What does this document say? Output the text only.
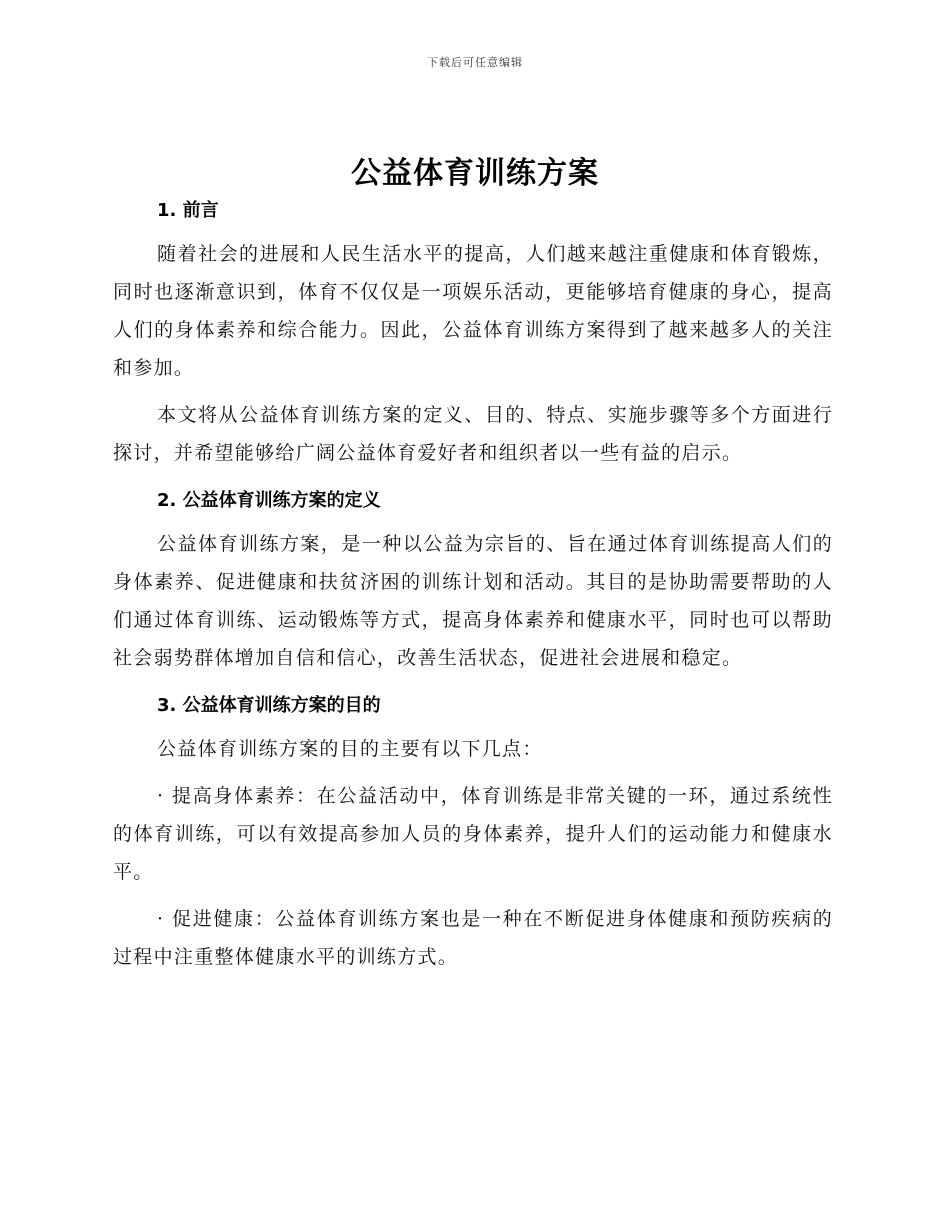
下载后可任意编辑
公益体育训练方案
1. 前言

随着社会的进展和人民生活水平的提高，人们越来越注重健康和体育锻炼，同时也逐渐意识到，体育不仅仅是一项娱乐活动，更能够培育健康的身心，提高人们的身体素养和综合能力。因此，公益体育训练方案得到了越来越多人的关注和参加。

本文将从公益体育训练方案的定义、目的、特点、实施步骤等多个方面进行探讨，并希望能够给广阔公益体育爱好者和组织者以一些有益的启示。

2. 公益体育训练方案的定义

公益体育训练方案，是一种以公益为宗旨的、旨在通过体育训练提高人们的身体素养、促进健康和扶贫济困的训练计划和活动。其目的是协助需要帮助的人们通过体育训练、运动锻炼等方式，提高身体素养和健康水平，同时也可以帮助社会弱势群体增加自信和信心，改善生活状态，促进社会进展和稳定。

3. 公益体育训练方案的目的

公益体育训练方案的目的主要有以下几点：

· 提高身体素养：在公益活动中，体育训练是非常关键的一环，通过系统性的体育训练，可以有效提高参加人员的身体素养，提升人们的运动能力和健康水平。

· 促进健康：公益体育训练方案也是一种在不断促进身体健康和预防疾病的过程中注重整体健康水平的训练方式。
